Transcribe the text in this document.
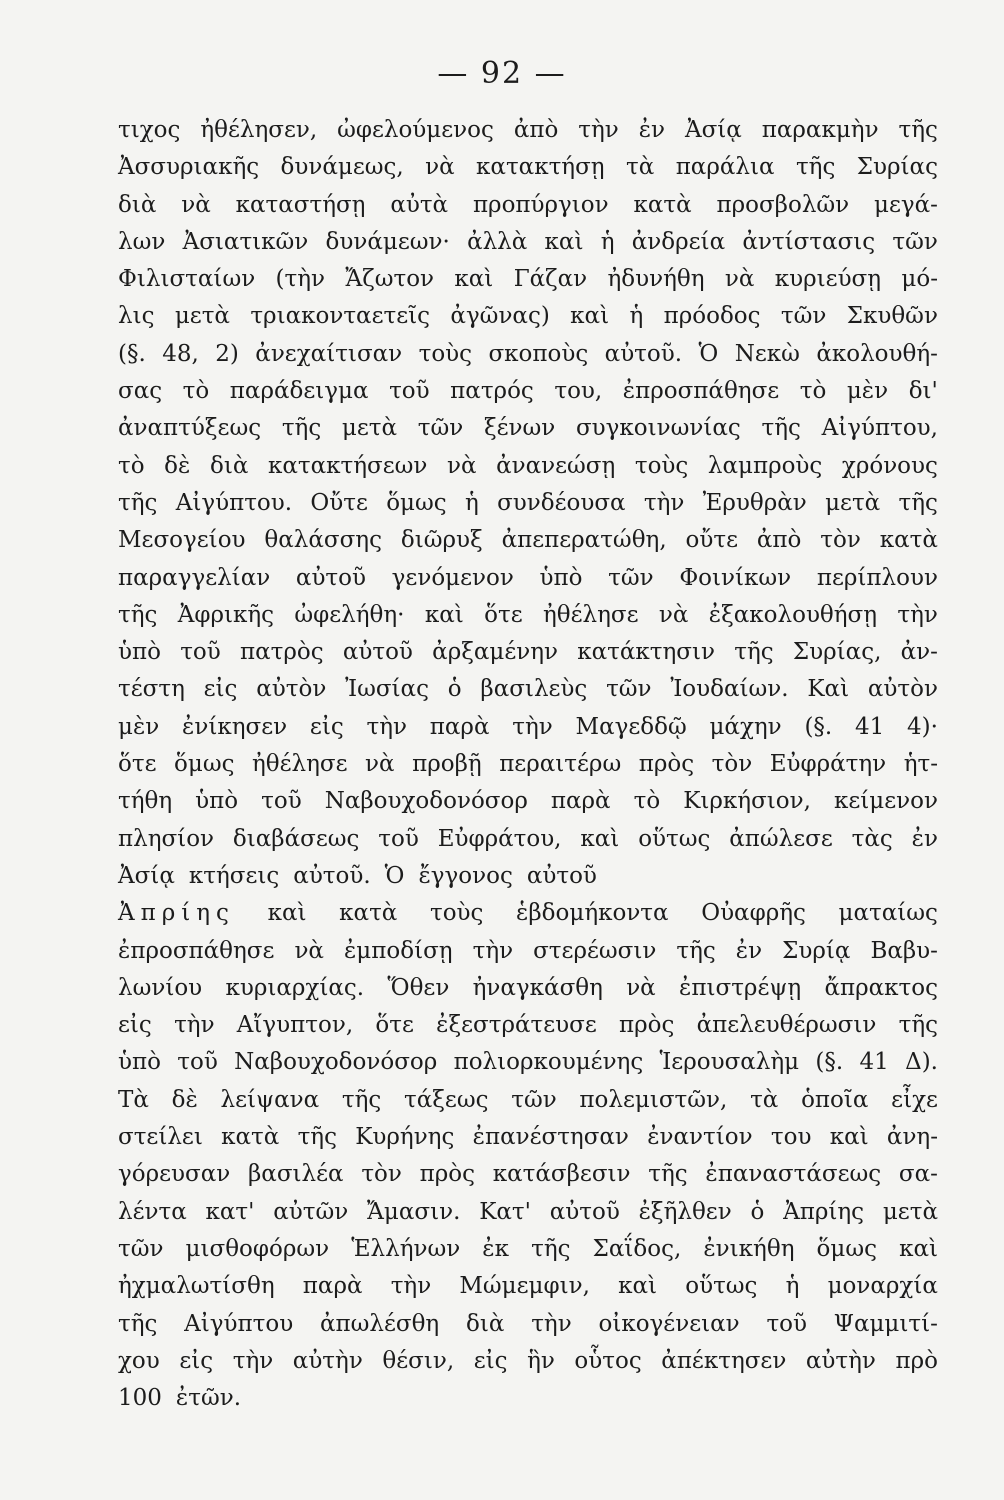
— 92 —
τιχος ἠθέλησεν, ὠφελούμενος ἀπὸ τὴν ἐν Ἀσίᾳ παρακμὴν τῆς
Ἀσσυριακῆς δυνάμεως, νὰ κατακτήσῃ τὰ παράλια τῆς Συρίας
διὰ νὰ καταστήσῃ αὐτὰ προπύργιον κατὰ προσβολῶν μεγά-
λων Ἀσιατικῶν δυνάμεων· ἀλλὰ καὶ ἡ ἀνδρεία ἀντίστασις τῶν
Φιλισταίων (τὴν Ἄζωτον καὶ Γάζαν ἠδυνήθη νὰ κυριεύσῃ μό-
λις μετὰ τριακονταετεῖς ἀγῶνας) καὶ ἡ πρόοδος τῶν Σκυθῶν
(§. 48, 2) ἀνεχαίτισαν τοὺς σκοποὺς αὐτοῦ. Ὁ Νεκὼ ἀκολουθή-
σας τὸ παράδειγμα τοῦ πατρός του, ἐπροσπάθησε τὸ μὲν δι'
ἀναπτύξεως τῆς μετὰ τῶν ξένων συγκοινωνίας τῆς Αἰγύπτου,
τὸ δὲ διὰ κατακτήσεων νὰ ἀνανεώσῃ τοὺς λαμπροὺς χρόνους
τῆς Αἰγύπτου. Οὔτε ὅμως ἡ συνδέουσα τὴν Ἐρυθρὰν μετὰ τῆς
Μεσογείου θαλάσσης διῶρυξ ἀπεπερατώθη, οὔτε ἀπὸ τὸν κατὰ
παραγγελίαν αὐτοῦ γενόμενον ὑπὸ τῶν Φοινίκων περίπλουν
τῆς Ἀφρικῆς ὠφελήθη· καὶ ὅτε ἠθέλησε νὰ ἐξακολουθήσῃ τὴν
ὑπὸ τοῦ πατρὸς αὐτοῦ ἀρξαμένην κατάκτησιν τῆς Συρίας, ἀν-
τέστη εἰς αὐτὸν Ἰωσίας ὁ βασιλεὺς τῶν Ἰουδαίων. Καὶ αὐτὸν
μὲν ἐνίκησεν εἰς τὴν παρὰ τὴν Μαγεδδῷ μάχην (§. 41 4)·
ὅτε ὅμως ἠθέλησε νὰ προβῇ περαιτέρω πρὸς τὸν Εὐφράτην ἡτ-
τήθη ὑπὸ τοῦ Ναβουχοδονόσορ παρὰ τὸ Κιρκήσιον, κείμενον
πλησίον διαβάσεως τοῦ Εὐφράτου, καὶ οὕτως ἀπώλεσε τὰς ἐν
Ἀσίᾳ κτήσεις αὐτοῦ. Ὁ ἔγγονος αὐτοῦ
Ἀπρίης καὶ κατὰ τοὺς ἑβδομήκοντα Οὐαφρῆς ματαίως
ἐπροσπάθησε νὰ ἐμποδίσῃ τὴν στερέωσιν τῆς ἐν Συρίᾳ Βαβυ-
λωνίου κυριαρχίας. Ὅθεν ἠναγκάσθη νὰ ἐπιστρέψῃ ἄπρακτος
εἰς τὴν Αἴγυπτον, ὅτε ἐξεστράτευσε πρὸς ἀπελευθέρωσιν τῆς
ὑπὸ τοῦ Ναβουχοδονόσορ πολιορκουμένης Ἱερουσαλὴμ (§. 41 Δ).
Τὰ δὲ λείψανα τῆς τάξεως τῶν πολεμιστῶν, τὰ ὁποῖα εἶχε
στείλει κατὰ τῆς Κυρήνης ἐπανέστησαν ἐναντίον του καὶ ἀνη-
γόρευσαν βασιλέα τὸν πρὸς κατάσβεσιν τῆς ἐπαναστάσεως σα-
λέντα κατ' αὐτῶν Ἄμασιν. Κατ' αὐτοῦ ἐξῆλθεν ὁ Ἀπρίης μετὰ
τῶν μισθοφόρων Ἑλλήνων ἐκ τῆς Σαΐδος, ἐνικήθη ὅμως καὶ
ἠχμαλωτίσθη παρὰ τὴν Μώμεμφιν, καὶ οὕτως ἡ μοναρχία
τῆς Αἰγύπτου ἀπωλέσθη διὰ τὴν οἰκογένειαν τοῦ Ψαμμιτί-
χου εἰς τὴν αὐτὴν θέσιν, εἰς ἣν οὗτος ἀπέκτησεν αὐτὴν πρὸ
100 ἐτῶν.
